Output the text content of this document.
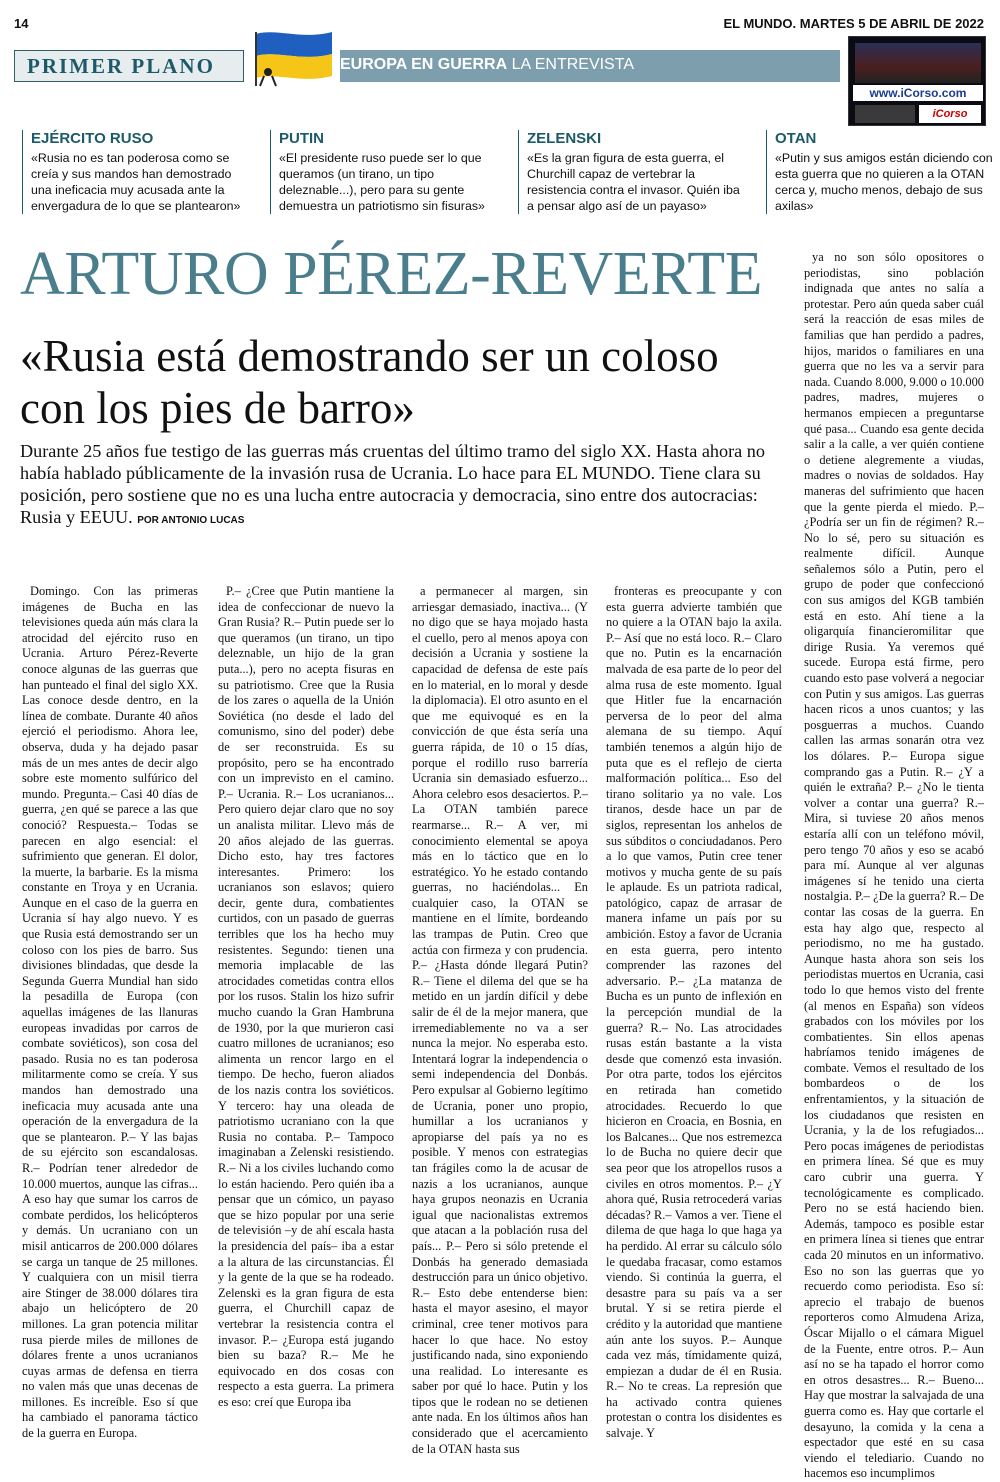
14	EL MUNDO. MARTES 5 DE ABRIL DE 2022
PRIMER PLANO	EUROPA EN GUERRA LA ENTREVISTA
www.iCorso.com
iCorso
EJÉRCITO RUSO
«Rusia no es tan poderosa como se creía y sus mandos han demostrado una ineficacia muy acusada ante la envergadura de lo que se plantearon»
PUTIN
«El presidente ruso puede ser lo que queramos (un tirano, un tipo deleznable...), pero para su gente demuestra un patriotismo sin fisuras»
ZELENSKI
«Es la gran figura de esta guerra, el Churchill capaz de vertebrar la resistencia contra el invasor. Quién iba a pensar algo así de un payaso»
OTAN
«Putin y sus amigos están diciendo con esta guerra que no quieren a la OTAN cerca y, mucho menos, debajo de sus axilas»
ARTURO PÉREZ-REVERTE
«Rusia está demostrando ser un coloso con los pies de barro»
Durante 25 años fue testigo de las guerras más cruentas del último tramo del siglo XX. Hasta ahora no había hablado públicamente de la invasión rusa de Ucrania. Lo hace para EL MUNDO. Tiene clara su posición, pero sostiene que no es una lucha entre autocracia y democracia, sino entre dos autocracias: Rusia y EEUU. POR ANTONIO LUCAS

Domingo. Con las primeras imágenes de Bucha en las televisiones queda aún más clara la atrocidad del ejército ruso en Ucrania. Arturo Pérez-Reverte conoce algunas de las guerras que han punteado el final del siglo XX. Las conoce desde dentro, en la línea de combate. Durante 40 años ejerció el periodismo. Ahora lee, observa, duda y ha dejado pasar más de un mes antes de decir algo sobre este momento sulfúrico del mundo. Pregunta.– Casi 40 días de guerra, ¿en qué se parece a las que conoció? Respuesta.– Todas se parecen en algo esencial: el sufrimiento que generan. El dolor, la muerte, la barbarie. Es la misma constante en Troya y en Ucrania. Aunque en el caso de la guerra en Ucrania sí hay algo nuevo. Y es que Rusia está demostrando ser un coloso con los pies de barro. Sus divisiones blindadas, que desde la Segunda Guerra Mundial han sido la pesadilla de Europa (con aquellas imágenes de las llanuras europeas invadidas por carros de combate soviéticos), son cosa del pasado. Rusia no es tan poderosa militarmente como se creía. Y sus mandos han demostrado una ineficacia muy acusada ante una operación de la envergadura de la que se plantearon. P.– Y las bajas de su ejército son escandalosas. R.– Podrían tener alrededor de 10.000 muertos, aunque las cifras... A eso hay que sumar los carros de combate perdidos, los helicópteros y demás. Un ucraniano con un misil anticarros de 200.000 dólares se carga un tanque de 25 millones. Y cualquiera con un misil tierra aire Stinger de 38.000 dólares tira abajo un helicóptero de 20 millones. La gran potencia militar rusa pierde miles de millones de dólares frente a unos ucranianos cuyas armas de defensa en tierra no valen más que unas decenas de millones. Es increíble. Eso sí que ha cambiado el panorama táctico de la guerra en Europa.

P.– ¿Cree que Putin mantiene la idea de confeccionar de nuevo la Gran Rusia? R.– Putin puede ser lo que queramos (un tirano, un tipo deleznable, un hijo de la gran puta...), pero no acepta fisuras en su patriotismo. Cree que la Rusia de los zares o aquella de la Unión Soviética (no desde el lado del comunismo, sino del poder) debe de ser reconstruida. Es su propósito, pero se ha encontrado con un imprevisto en el camino. P.– Ucrania. R.– Los ucranianos... Pero quiero dejar claro que no soy un analista militar. Llevo más de 20 años alejado de las guerras. Dicho esto, hay tres factores interesantes. Primero: los ucranianos son eslavos; quiero decir, gente dura, combatientes curtidos, con un pasado de guerras terribles que los ha hecho muy resistentes. Segundo: tienen una memoria implacable de las atrocidades cometidas contra ellos por los rusos. Stalin los hizo sufrir mucho cuando la Gran Hambruna de 1930, por la que murieron casi cuatro millones de ucranianos; eso alimenta un rencor largo en el tiempo. De hecho, fueron aliados de los nazis contra los soviéticos. Y tercero: hay una oleada de patriotismo ucraniano con la que Rusia no contaba. P.– Tampoco imaginaban a Zelenski resistiendo. R.– Ni a los civiles luchando como lo están haciendo. Pero quién iba a pensar que un cómico, un payaso que se hizo popular por una serie de televisión –y de ahí escala hasta la presidencia del país– iba a estar a la altura de las circunstancias. Él y la gente de la que se ha rodeado. Zelenski es la gran figura de esta guerra, el Churchill capaz de vertebrar la resistencia contra el invasor. P.– ¿Europa está jugando bien su baza? R.– Me he equivocado en dos cosas con respecto a esta guerra. La primera es eso: creí que Europa iba

a permanecer al margen, sin arriesgar demasiado, inactiva... (Y no digo que se haya mojado hasta el cuello, pero al menos apoya con decisión a Ucrania y sostiene la capacidad de defensa de este país en lo material, en lo moral y desde la diplomacia). El otro asunto en el que me equivoqué es en la convicción de que ésta sería una guerra rápida, de 10 o 15 días, porque el rodillo ruso barrería Ucrania sin demasiado esfuerzo... Ahora celebro esos desaciertos. P.– La OTAN también parece rearmarse... R.– A ver, mi conocimiento elemental se apoya más en lo táctico que en lo estratégico. Yo he estado contando guerras, no haciéndolas... En cualquier caso, la OTAN se mantiene en el límite, bordeando las trampas de Putin. Creo que actúa con firmeza y con prudencia. P.– ¿Hasta dónde llegará Putin? R.– Tiene el dilema del que se ha metido en un jardín difícil y debe salir de él de la mejor manera, que irremediablemente no va a ser nunca la mejor. No esperaba esto. Intentará lograr la independencia o semi independencia del Donbás. Pero expulsar al Gobierno legítimo de Ucrania, poner uno propio, humillar a los ucranianos y apropiarse del país ya no es posible. Y menos con estrategias tan frágiles como la de acusar de nazis a los ucranianos, aunque haya grupos neonazis en Ucrania igual que nacionalistas extremos que atacan a la población rusa del país... P.– Pero si sólo pretende el Donbás ha generado demasiada destrucción para un único objetivo. R.– Esto debe entenderse bien: hasta el mayor asesino, el mayor criminal, cree tener motivos para hacer lo que hace. No estoy justificando nada, sino exponiendo una realidad. Lo interesante es saber por qué lo hace. Putin y los tipos que le rodean no se detienen ante nada. En los últimos años han considerado que el acercamiento de la OTAN hasta sus

fronteras es preocupante y con esta guerra advierte también que no quiere a la OTAN bajo la axila. P.– Así que no está loco. R.– Claro que no. Putin es la encarnación malvada de esa parte de lo peor del alma rusa de este momento. Igual que Hitler fue la encarnación perversa de lo peor del alma alemana de su tiempo. Aquí también tenemos a algún hijo de puta que es el reflejo de cierta malformación política... Eso del tirano solitario ya no vale. Los tiranos, desde hace un par de siglos, representan los anhelos de sus súbditos o conciudadanos. Pero a lo que vamos, Putin cree tener motivos y mucha gente de su país le aplaude. Es un patriota radical, patológico, capaz de arrasar de manera infame un país por su ambición. Estoy a favor de Ucrania en esta guerra, pero intento comprender las razones del adversario. P.– ¿La matanza de Bucha es un punto de inflexión en la percepción mundial de la guerra? R.– No. Las atrocidades rusas están bastante a la vista desde que comenzó esta invasión. Por otra parte, todos los ejércitos en retirada han cometido atrocidades. Recuerdo lo que hicieron en Croacia, en Bosnia, en los Balcanes... Que nos estremezca lo de Bucha no quiere decir que sea peor que los atropellos rusos a civiles en otros momentos. P.– ¿Y ahora qué, Rusia retrocederá varias décadas? R.– Vamos a ver. Tiene el dilema de que haga lo que haga ya ha perdido. Al errar su cálculo sólo le quedaba fracasar, como estamos viendo. Si continúa la guerra, el desastre para su país va a ser brutal. Y si se retira pierde el crédito y la autoridad que mantiene aún ante los suyos. P.– Aunque cada vez más, tímidamente quizá, empiezan a dudar de él en Rusia. R.– No te creas. La represión que ha activado contra quienes protestan o contra los disidentes es salvaje. Y

ya no son sólo opositores o periodistas, sino población indignada que antes no salía a protestar. Pero aún queda saber cuál será la reacción de esas miles de familias que han perdido a padres, hijos, maridos o familiares en una guerra que no les va a servir para nada. Cuando 8.000, 9.000 o 10.000 padres, madres, mujeres o hermanos empiecen a preguntarse qué pasa... Cuando esa gente decida salir a la calle, a ver quién contiene o detiene alegremente a viudas, madres o novias de soldados. Hay maneras del sufrimiento que hacen que la gente pierda el miedo. P.– ¿Podría ser un fin de régimen? R.– No lo sé, pero su situación es realmente difícil. Aunque señalemos sólo a Putin, pero el grupo de poder que confeccionó con sus amigos del KGB también está en esto. Ahí tiene a la oligarquía financieromilitar que dirige Rusia. Ya veremos qué sucede. Europa está firme, pero cuando esto pase volverá a negociar con Putin y sus amigos. Las guerras hacen ricos a unos cuantos; y las posguerras a muchos. Cuando callen las armas sonarán otra vez los dólares. P.– Europa sigue comprando gas a Putin. R.– ¿Y a quién le extraña? P.– ¿No le tienta volver a contar una guerra? R.– Mira, si tuviese 20 años menos estaría allí con un teléfono móvil, pero tengo 70 años y eso se acabó para mí. Aunque al ver algunas imágenes sí he tenido una cierta nostalgia. P.– ¿De la guerra? R.– De contar las cosas de la guerra. En esta hay algo que, respecto al periodismo, no me ha gustado. Aunque hasta ahora son seis los periodistas muertos en Ucrania, casi todo lo que hemos visto del frente (al menos en España) son vídeos grabados con los móviles por los combatientes. Sin ellos apenas habríamos tenido imágenes de combate. Vemos el resultado de los bombardeos o de los enfrentamientos, y la situación de los ciudadanos que resisten en Ucrania, y la de los refugiados... Pero pocas imágenes de periodistas en primera línea. Sé que es muy caro cubrir una guerra. Y tecnológicamente es complicado. Pero no se está haciendo bien. Además, tampoco es posible estar en primera línea si tienes que entrar cada 20 minutos en un informativo. Eso no son las guerras que yo recuerdo como periodista. Eso sí: aprecio el trabajo de buenos reporteros como Almudena Ariza, Óscar Mijallo o el cámara Miguel de la Fuente, entre otros. P.– Aun así no se ha tapado el horror como en otros desastres... R.– Bueno... Hay que mostrar la salvajada de una guerra como es. Hay que cortarle el desayuno, la comida y la cena a espectador que esté en su casa viendo el telediario. Cuando no hacemos eso incumplimos
